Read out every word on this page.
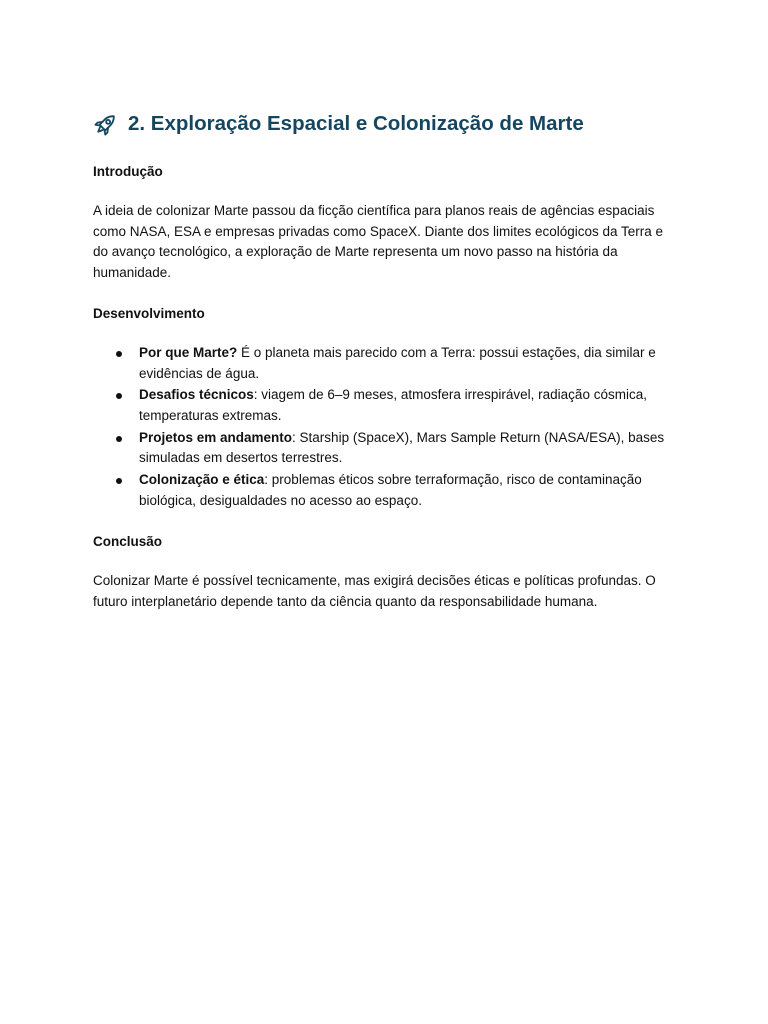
2. Exploração Espacial e Colonização de Marte

Introdução

A ideia de colonizar Marte passou da ficção científica para planos reais de agências espaciais como NASA, ESA e empresas privadas como SpaceX. Diante dos limites ecológicos da Terra e do avanço tecnológico, a exploração de Marte representa um novo passo na história da humanidade.

Desenvolvimento

Por que Marte? É o planeta mais parecido com a Terra: possui estações, dia similar e evidências de água.
Desafios técnicos: viagem de 6–9 meses, atmosfera irrespirável, radiação cósmica, temperaturas extremas.
Projetos em andamento: Starship (SpaceX), Mars Sample Return (NASA/ESA), bases simuladas em desertos terrestres.
Colonização e ética: problemas éticos sobre terraformação, risco de contaminação biológica, desigualdades no acesso ao espaço.

Conclusão

Colonizar Marte é possível tecnicamente, mas exigirá decisões éticas e políticas profundas. O futuro interplanetário depende tanto da ciência quanto da responsabilidade humana.
